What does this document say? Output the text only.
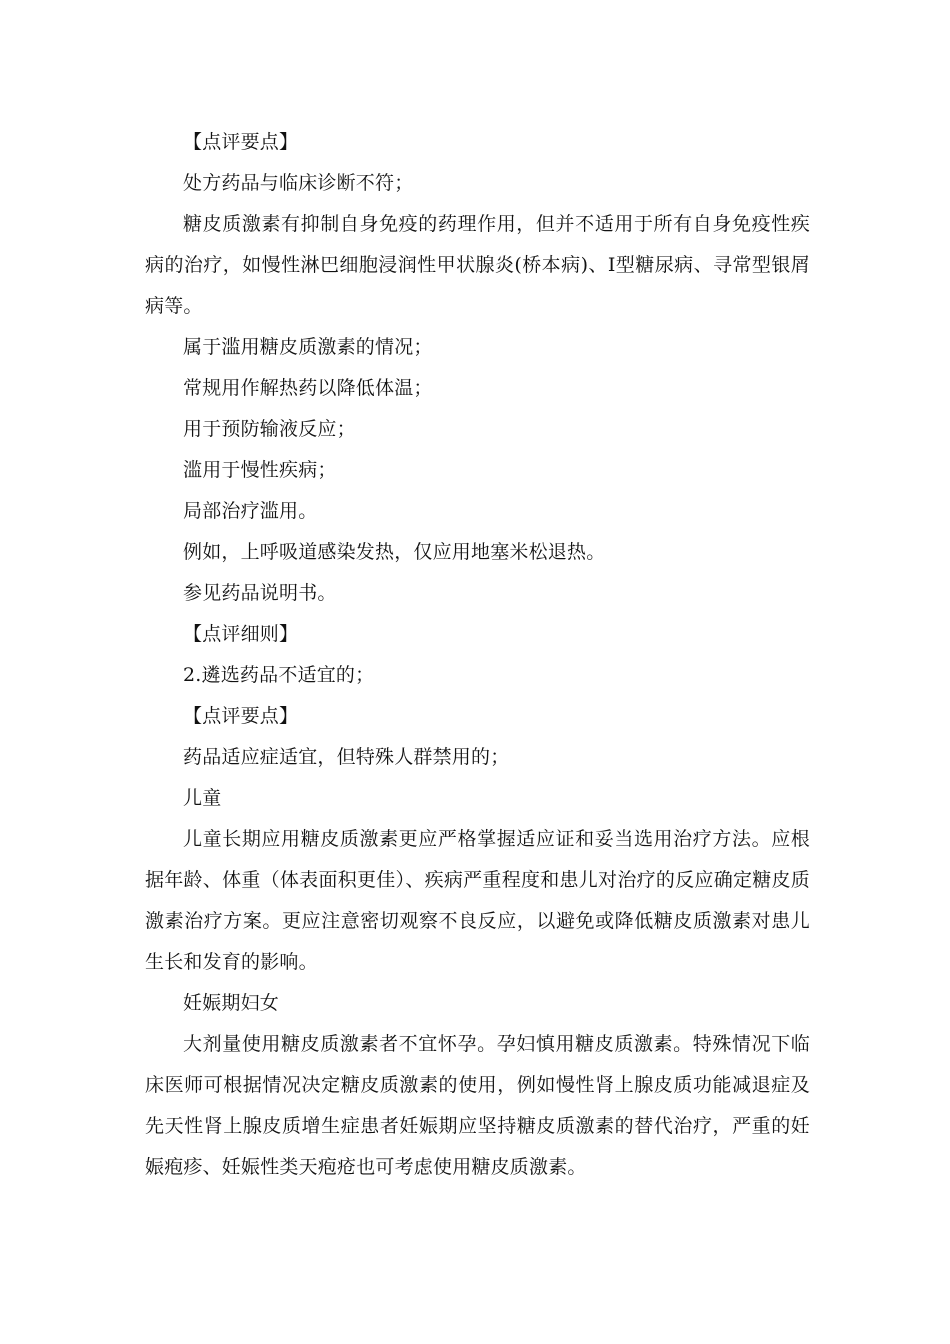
【点评要点】

处方药品与临床诊断不符；

糖皮质激素有抑制自身免疫的药理作用，但并不适用于所有自身免疫性疾病的治疗，如慢性淋巴细胞浸润性甲状腺炎(桥本病)、I型糖尿病、寻常型银屑病等。

属于滥用糖皮质激素的情况；

常规用作解热药以降低体温；

用于预防输液反应；

滥用于慢性疾病；

局部治疗滥用。

例如，上呼吸道感染发热，仅应用地塞米松退热。

参见药品说明书。

【点评细则】

2.遴选药品不适宜的；

【点评要点】

药品适应症适宜，但特殊人群禁用的；

儿童

儿童长期应用糖皮质激素更应严格掌握适应证和妥当选用治疗方法。应根据年龄、体重（体表面积更佳）、疾病严重程度和患儿对治疗的反应确定糖皮质激素治疗方案。更应注意密切观察不良反应，以避免或降低糖皮质激素对患儿生长和发育的影响。

妊娠期妇女

大剂量使用糖皮质激素者不宜怀孕。孕妇慎用糖皮质激素。特殊情况下临床医师可根据情况决定糖皮质激素的使用，例如慢性肾上腺皮质功能减退症及先天性肾上腺皮质增生症患者妊娠期应坚持糖皮质激素的替代治疗，严重的妊娠疱疹、妊娠性类天疱疮也可考虑使用糖皮质激素。
